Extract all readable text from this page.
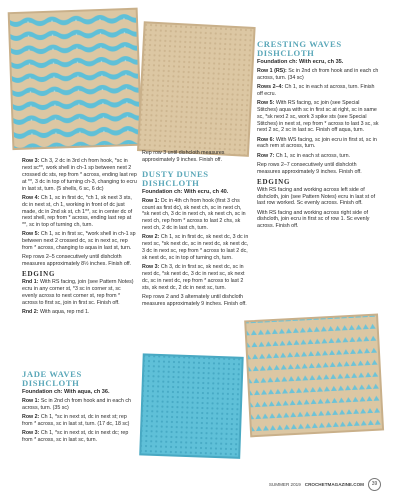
Row 3: Ch 3, 2 dc in 3rd ch from hook, *sc in next sc**, work shell in ch-1 sp between next 2 crossed dc sts, rep from * across, ending last rep at **, 3 dc in top of turning ch-3, changing to ecru in last st, turn. (5 shells, 6 sc, 6 dc)

Row 4: Ch 1, sc in first dc, *ch 1, sk next 3 sts, dc in next st, ch 1, working in front of dc just made, dc in 2nd sk st, ch 1**, sc in center dc of next shell, rep from * across, ending last rep at **, sc in top of turning ch, turn.

Row 5: Ch 1, sc in first sc, *work shell in ch-1 sp between next 2 crossed dc, sc in next sc, rep from * across, changing to aqua in last st, turn.

Rep rows 2–5 consecutively until dishcloth measures approximately 8½ inches. Finish off.

EDGING

Rnd 1: With RS facing, join (see Pattern Notes) ecru in any corner st, *3 sc in corner st, sc evenly across to next corner st, rep from * across to first sc, join in first sc. Finish off.

Rnd 2: With aqua, rep rnd 1.

JADE WAVES
DISHCLOTH
Foundation ch: With aqua, ch 36.

Row 1: Sc in 2nd ch from hook and in each ch across, turn. (35 sc)

Row 2: Ch 1, *sc in next st, dc in next st; rep from * across, sc in last st, turn. (17 dc, 18 sc)

Row 3: Ch 1, *sc in next st, dc in next dc; rep from * across, sc in last sc, turn.

Rep row 3 until dishcloth measures approximately 9 inches. Finish off.

DUSTY DUNES
DISHCLOTH
Foundation ch: With ecru, ch 40.

Row 1: Dc in 4th ch from hook (first 3 chs count as first dc), sk next ch, sc in next ch, *sk next ch, 3 dc in next ch, sk next ch, sc in next ch, rep from * across to last 2 chs, sk next ch, 2 dc in last ch, turn.

Row 2: Ch 1, sc in first dc, sk next dc, 3 dc in next sc, *sk next dc, sc in next dc, sk next dc, 3 dc in next sc, rep from * across to last 2 dc, sk next dc, sc in top of turning ch, turn.

Row 3: Ch 3, dc in first sc, sk next dc, sc in next dc, *sk next dc, 3 dc in next sc, sk next dc, sc in next dc, rep from * across to last 2 sts, sk next dc, 2 dc in next sc, turn.

Rep rows 2 and 3 alternately until dishcloth measures approximately 9 inches. Finish off.

CRESTING WAVES
DISHCLOTH
Foundation ch: With ecru, ch 35.

Row 1 (RS): Sc in 2nd ch from hook and in each ch across, turn. (34 sc)

Rows 2–4: Ch 1, sc in each st across, turn. Finish off ecru.

Row 5: With RS facing, sc join (see Special Stitches) aqua with sc in first sc at right, sc in same sc, *sk next 2 sc, work 3 spike sts (see Special Stitches) in next st, rep from * across to last 3 sc, sk next 2 sc, 2 sc in last sc. Finish off aqua, turn.

Row 6: With WS facing, sc join ecru in first st, sc in each rem st across, turn.

Row 7: Ch 1, sc in each st across, turn.

Rep rows 2–7 consecutively until dishcloth measures approximately 9 inches. Finish off.

EDGING

With RS facing and working across left side of dishcloth, join (see Pattern Notes) ecru in last st of last row worked. Sc evenly across. Finish off.

With RS facing and working across right side of dishcloth, join ecru in first sc of row 1. Sc evenly across. Finish off.

SUMMER 2019 CROCHETMAGAZINE.COM	39
